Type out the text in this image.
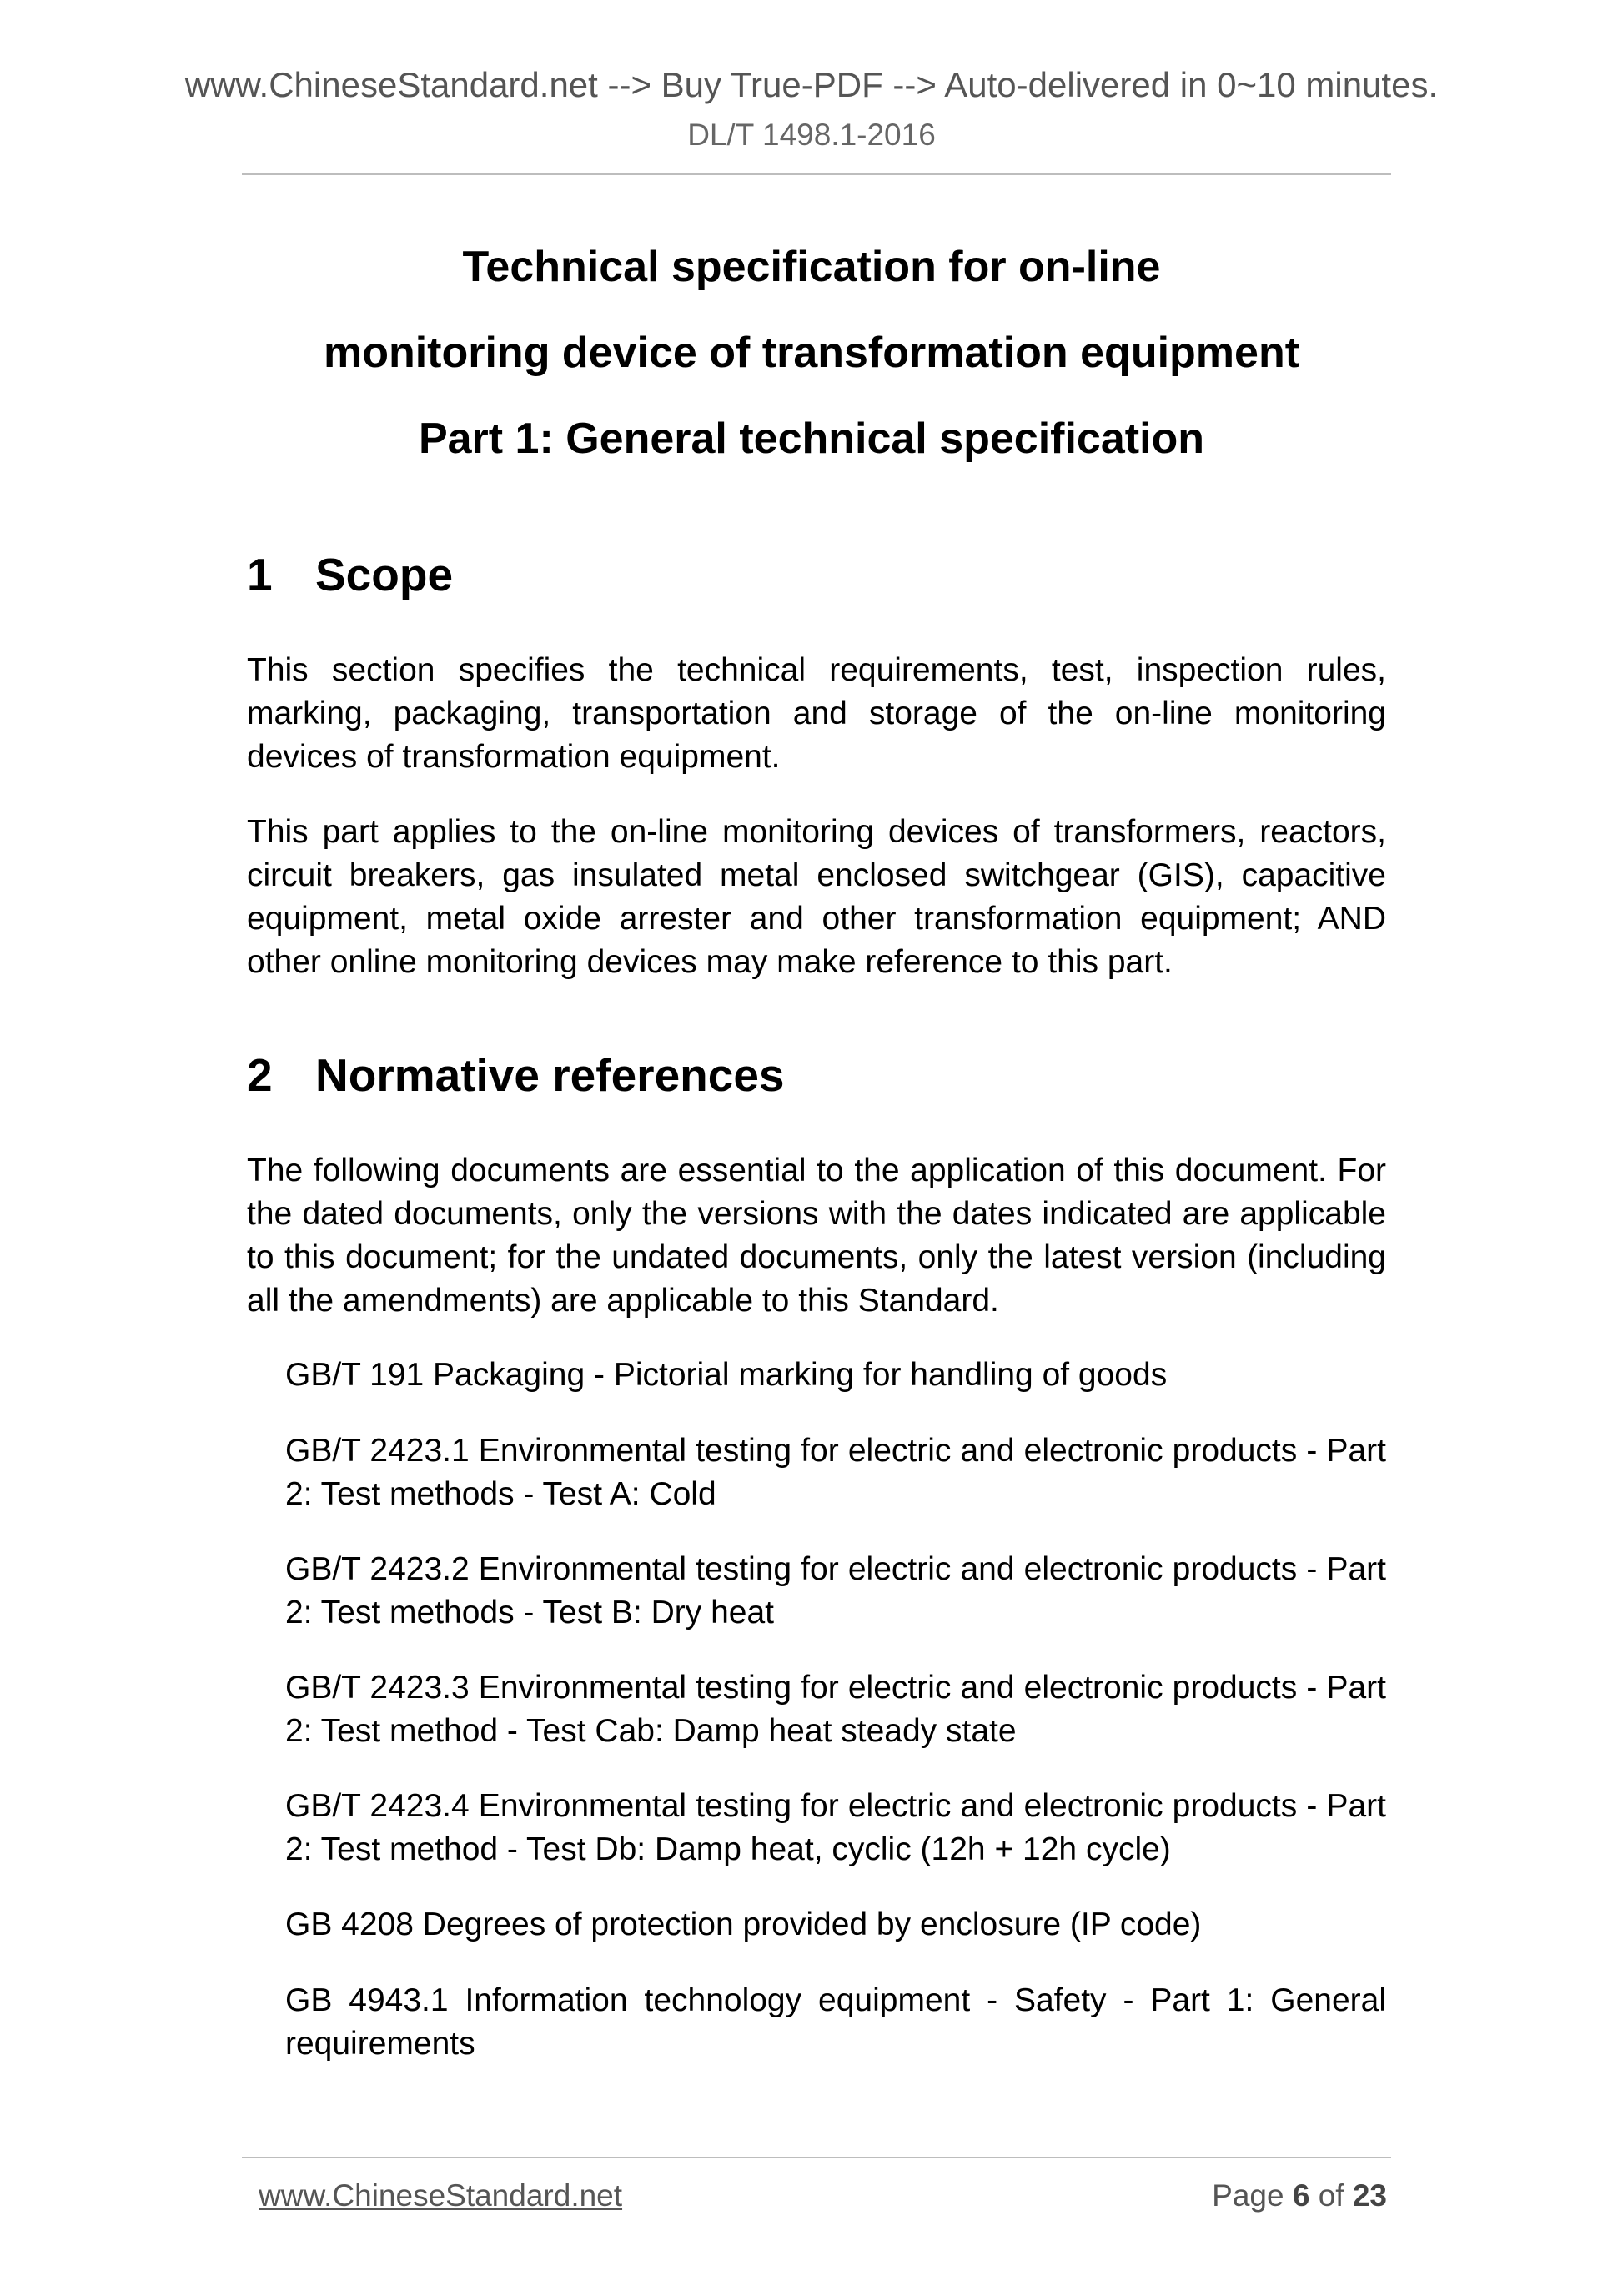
www.ChineseStandard.net --> Buy True-PDF --> Auto-delivered in 0~10 minutes.
DL/T 1498.1-2016
Technical specification for on-line
monitoring device of transformation equipment
Part 1: General technical specification
1 Scope
This section specifies the technical requirements, test, inspection rules, marking, packaging, transportation and storage of the on-line monitoring devices of transformation equipment.
This part applies to the on-line monitoring devices of transformers, reactors, circuit breakers, gas insulated metal enclosed switchgear (GIS), capacitive equipment, metal oxide arrester and other transformation equipment; AND other online monitoring devices may make reference to this part.
2 Normative references
The following documents are essential to the application of this document. For the dated documents, only the versions with the dates indicated are applicable to this document; for the undated documents, only the latest version (including all the amendments) are applicable to this Standard.
GB/T 191 Packaging - Pictorial marking for handling of goods
GB/T 2423.1 Environmental testing for electric and electronic products - Part 2: Test methods - Test A: Cold
GB/T 2423.2 Environmental testing for electric and electronic products - Part 2: Test methods - Test B: Dry heat
GB/T 2423.3 Environmental testing for electric and electronic products - Part 2: Test method - Test Cab: Damp heat steady state
GB/T 2423.4 Environmental testing for electric and electronic products - Part 2: Test method - Test Db: Damp heat, cyclic (12h + 12h cycle)
GB 4208 Degrees of protection provided by enclosure (IP code)
GB 4943.1 Information technology equipment - Safety - Part 1: General requirements
www.ChineseStandard.net	Page 6 of 23
